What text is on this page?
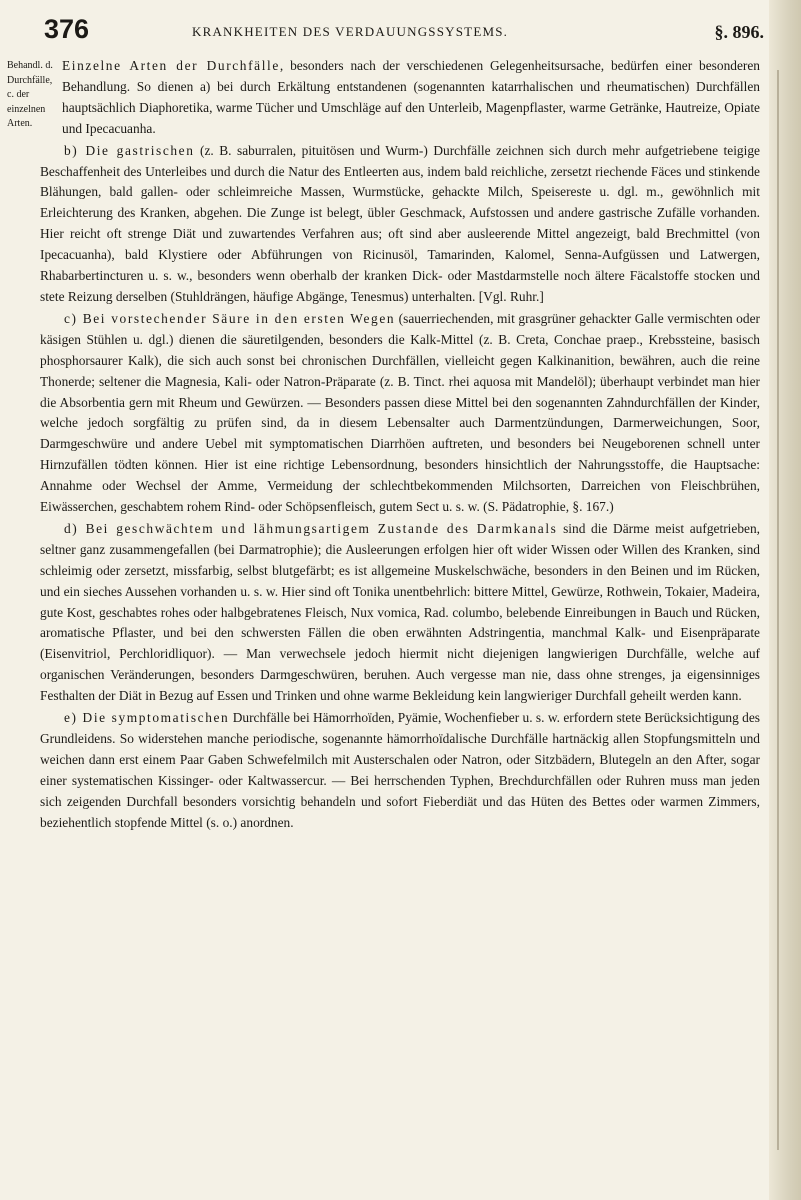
376	KRANKHEITEN DES VERDAUUNGSSYSTEMS.	§. 896.
Behandl. d. Durchfälle, c. der einzelnen Arten.

Einzelne Arten der Durchfälle, besonders nach der verschiedenen Gelegenheitsursache, bedürfen einer besonderen Behandlung. So dienen a) bei durch Erkältung entstandenen (sogenannten katarrhalischen und rheumatischen) Durchfällen hauptsächlich Diaphoretika, warme Tücher und Umschläge auf den Unterleib, Magenpflaster, warme Getränke, Hautreize, Opiate und Ipecacuanha.

b) Die gastrischen (z. B. saburralen, pituitösen und Wurm-) Durchfälle zeichnen sich durch mehr aufgetriebene teigige Beschaffenheit des Unterleibes und durch die Natur des Entleerten aus, indem bald reichliche, zersetzt riechende Fäces und stinkende Blähungen, bald gallen- oder schleimreiche Massen, Wurmstücke, gehackte Milch, Speisereste u. dgl. m., gewöhnlich mit Erleichterung des Kranken, abgehen. Die Zunge ist belegt, übler Geschmack, Aufstossen und andere gastrische Zufälle vorhanden. Hier reicht oft strenge Diät und zuwartendes Verfahren aus; oft sind aber ausleerende Mittel angezeigt, bald Brechmittel (von Ipecacuanha), bald Klystiere oder Abführungen von Ricinusöl, Tamarinden, Kalomel, Senna-Aufgüssen und Latwergen, Rhabarbertincturen u. s. w., besonders wenn oberhalb der kranken Dick- oder Mastdarmstelle noch ältere Fäcalstoffe stocken und stete Reizung derselben (Stuhldrängen, häufige Abgänge, Tenesmus) unterhalten. [Vgl. Ruhr.]

c) Bei vorstechender Säure in den ersten Wegen (sauerriechenden, mit grasgrüner gehackter Galle vermischten oder käsigen Stühlen u. dgl.) dienen die säuretilgenden, besonders die Kalk-Mittel (z. B. Creta, Conchae praep., Krebssteine, basisch phosphorsaurer Kalk), die sich auch sonst bei chronischen Durchfällen, vielleicht gegen Kalkinanition, bewähren, auch die reine Thonerde; seltener die Magnesia, Kali- oder Natron-Präparate (z. B. Tinct. rhei aquosa mit Mandelöl); überhaupt verbindet man hier die Absorbentia gern mit Rheum und Gewürzen. — Besonders passen diese Mittel bei den sogenannten Zahndurchfällen der Kinder, welche jedoch sorgfältig zu prüfen sind, da in diesem Lebensalter auch Darmentzündungen, Darmerweichungen, Soor, Darmgeschwüre und andere Uebel mit symptomatischen Diarrhöen auftreten, und besonders bei Neugeborenen schnell unter Hirnzufällen tödten können. Hier ist eine richtige Lebensordnung, besonders hinsichtlich der Nahrungsstoffe, die Hauptsache: Annahme oder Wechsel der Amme, Vermeidung der schlechtbekommenden Milchsorten, Darreichen von Fleischbrühen, Eiwässerchen, geschabtem rohem Rind- oder Schöpsenfleisch, gutem Sect u. s. w. (S. Pädatrophie, §. 167.)

d) Bei geschwächtem und lähmungsartigem Zustande des Darmkanals sind die Därme meist aufgetrieben, seltner ganz zusammengefallen (bei Darmatrophie); die Ausleerungen erfolgen hier oft wider Wissen oder Willen des Kranken, sind schleimig oder zersetzt, missfarbig, selbst blutgefärbt; es ist allgemeine Muskelschwäche, besonders in den Beinen und im Rücken, und ein sieches Aussehen vorhanden u. s. w. Hier sind oft Tonika unentbehrlich: bittere Mittel, Gewürze, Rothwein, Tokaier, Madeira, gute Kost, geschabtes rohes oder halbgebratenes Fleisch, Nux vomica, Rad. columbo, belebende Einreibungen in Bauch und Rücken, aromatische Pflaster, und bei den schwersten Fällen die oben erwähnten Adstringentia, manchmal Kalk- und Eisenpräparate (Eisenvitriol, Perchloridliquor). — Man verwechsele jedoch hiermit nicht diejenigen langwierigen Durchfälle, welche auf organischen Veränderungen, besonders Darmgeschwüren, beruhen. Auch vergesse man nie, dass ohne strenges, ja eigensinniges Festhalten der Diät in Bezug auf Essen und Trinken und ohne warme Bekleidung kein langwieriger Durchfall geheilt werden kann.

e) Die symptomatischen Durchfälle bei Hämorrhoïden, Pyämie, Wochenfieber u. s. w. erfordern stete Berücksichtigung des Grundleidens. So widerstehen manche periodische, sogenannte hämorrhoïdalische Durchfälle hartnäckig allen Stopfungsmitteln und weichen dann erst einem Paar Gaben Schwefelmilch mit Austerschalen oder Natron, oder Sitzbädern, Blutegeln an den After, sogar einer systematischen Kissinger- oder Kaltwassercur. — Bei herrschenden Typhen, Brechdurchfällen oder Ruhren muss man jeden sich zeigenden Durchfall besonders vorsichtig behandeln und sofort Fieberdiät und das Hüten des Bettes oder warmen Zimmers, beziehentlich stopfende Mittel (s. o.) anordnen.
